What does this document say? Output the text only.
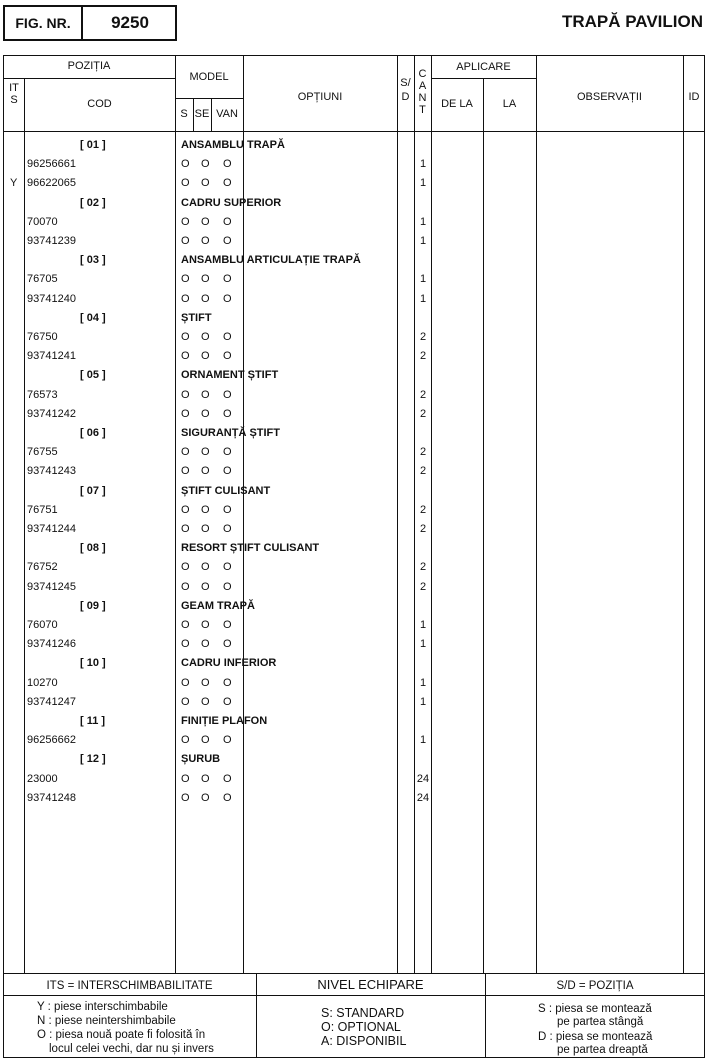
FIG. NR.	9250	TRAPĂ PAVILION
POZIȚIA
ITS	COD
MODEL
S SE VAN
OPȚIUNI
S/D
CANT
APLICARE
DE LA	LA
OBSERVAȚII	ID
[ 01 ]	ANSAMBLU TRAPĂ
96256661	O O O	1
Y 96622065	O O O	1
[ 02 ]	CADRU SUPERIOR
70070	O O O	1
93741239	O O O	1
[ 03 ]	ANSAMBLU ARTICULAȚIE TRAPĂ
76705	O O O	1
93741240	O O O	1
[ 04 ]	ȘTIFT
76750	O O O	2
93741241	O O O	2
[ 05 ]	ORNAMENT ȘTIFT
76573	O O O	2
93741242	O O O	2
[ 06 ]	SIGURANȚĂ ȘTIFT
76755	O O O	2
93741243	O O O	2
[ 07 ]	ȘTIFT CULISANT
76751	O O O	2
93741244	O O O	2
[ 08 ]	RESORT ȘTIFT CULISANT
76752	O O O	2
93741245	O O O	2
[ 09 ]	GEAM TRAPĂ
76070	O O O	1
93741246	O O O	1
[ 10 ]	CADRU INFERIOR
10270	O O O	1
93741247	O O O	1
[ 11 ]	FINIȚIE PLAFON
96256662	O O O	1
[ 12 ]	ȘURUB
23000	O O O	24
93741248	O O O	24
ITS = INTERSCHIMBABILITATE
Y : piese interschimbabile
N : piese neintershimbabile
O : piesa nouă poate fi folosită în
locul celei vechi, dar nu și invers
NIVEL ECHIPARE
S: STANDARD
O: OPTIONAL
A: DISPONIBIL
S/D = POZIȚIA
S : piesa se montează
pe partea stângă
D : piesa se montează
pe partea dreaptă
